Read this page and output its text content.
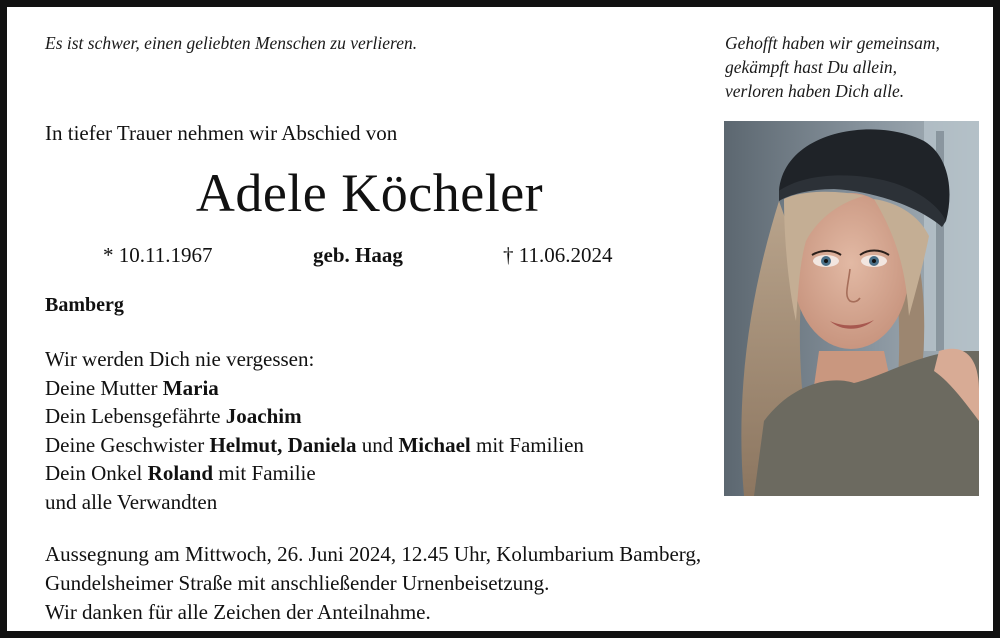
Es ist schwer, einen geliebten Menschen zu verlieren.	Gehofft haben wir gemeinsam,
gekämpft hast Du allein,
verloren haben Dich alle.
In tiefer Trauer nehmen wir Abschied von
Adele Köcheler
* 10.11.1967	geb. Haag	† 11.06.2024
Bamberg
Wir werden Dich nie vergessen:
Deine Mutter Maria
Dein Lebensgefährte Joachim
Deine Geschwister Helmut, Daniela und Michael mit Familien
Dein Onkel Roland mit Familie
und alle Verwandten
Aussegnung am Mittwoch, 26. Juni 2024, 12.45 Uhr, Kolumbarium Bamberg,
Gundelsheimer Straße mit anschließender Urnenbeisetzung.
Wir danken für alle Zeichen der Anteilnahme.
